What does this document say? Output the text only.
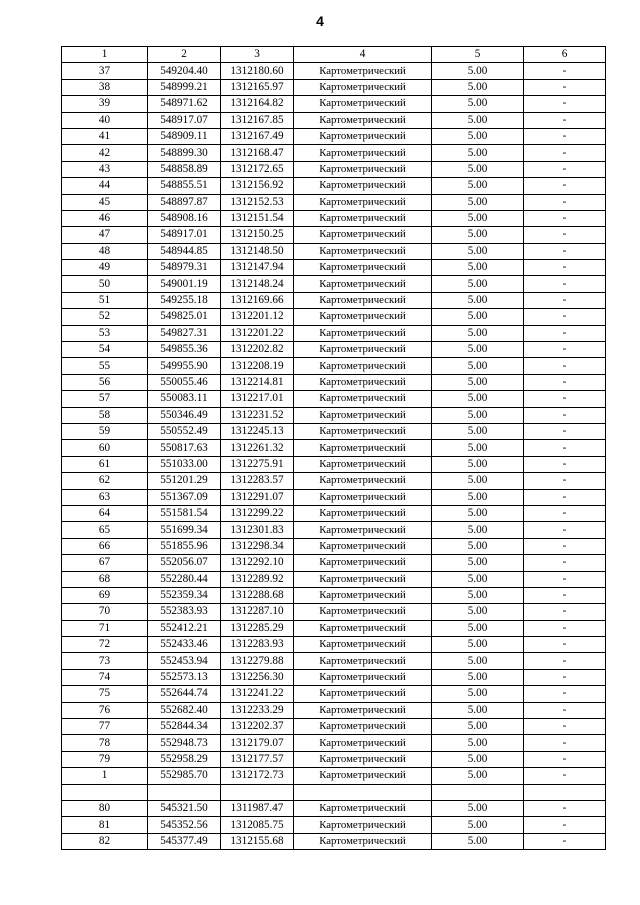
4
1	2	3	4	5	6
37	549204.40	1312180.60	Картометрический	5.00	-
38	548999.21	1312165.97	Картометрический	5.00	-
39	548971.62	1312164.82	Картометрический	5.00	-
40	548917.07	1312167.85	Картометрический	5.00	-
41	548909.11	1312167.49	Картометрический	5.00	-
42	548899.30	1312168.47	Картометрический	5.00	-
43	548858.89	1312172.65	Картометрический	5.00	-
44	548855.51	1312156.92	Картометрический	5.00	-
45	548897.87	1312152.53	Картометрический	5.00	-
46	548908.16	1312151.54	Картометрический	5.00	-
47	548917.01	1312150.25	Картометрический	5.00	-
48	548944.85	1312148.50	Картометрический	5.00	-
49	548979.31	1312147.94	Картометрический	5.00	-
50	549001.19	1312148.24	Картометрический	5.00	-
51	549255.18	1312169.66	Картометрический	5.00	-
52	549825.01	1312201.12	Картометрический	5.00	-
53	549827.31	1312201.22	Картометрический	5.00	-
54	549855.36	1312202.82	Картометрический	5.00	-
55	549955.90	1312208.19	Картометрический	5.00	-
56	550055.46	1312214.81	Картометрический	5.00	-
57	550083.11	1312217.01	Картометрический	5.00	-
58	550346.49	1312231.52	Картометрический	5.00	-
59	550552.49	1312245.13	Картометрический	5.00	-
60	550817.63	1312261.32	Картометрический	5.00	-
61	551033.00	1312275.91	Картометрический	5.00	-
62	551201.29	1312283.57	Картометрический	5.00	-
63	551367.09	1312291.07	Картометрический	5.00	-
64	551581.54	1312299.22	Картометрический	5.00	-
65	551699.34	1312301.83	Картометрический	5.00	-
66	551855.96	1312298.34	Картометрический	5.00	-
67	552056.07	1312292.10	Картометрический	5.00	-
68	552280.44	1312289.92	Картометрический	5.00	-
69	552359.34	1312288.68	Картометрический	5.00	-
70	552383.93	1312287.10	Картометрический	5.00	-
71	552412.21	1312285.29	Картометрический	5.00	-
72	552433.46	1312283.93	Картометрический	5.00	-
73	552453.94	1312279.88	Картометрический	5.00	-
74	552573.13	1312256.30	Картометрический	5.00	-
75	552644.74	1312241.22	Картометрический	5.00	-
76	552682.40	1312233.29	Картометрический	5.00	-
77	552844.34	1312202.37	Картометрический	5.00	-
78	552948.73	1312179.07	Картометрический	5.00	-
79	552958.29	1312177.57	Картометрический	5.00	-
1	552985.70	1312172.73	Картометрический	5.00	-

80	545321.50	1311987.47	Картометрический	5.00	-
81	545352.56	1312085.75	Картометрический	5.00	-
82	545377.49	1312155.68	Картометрический	5.00	-
